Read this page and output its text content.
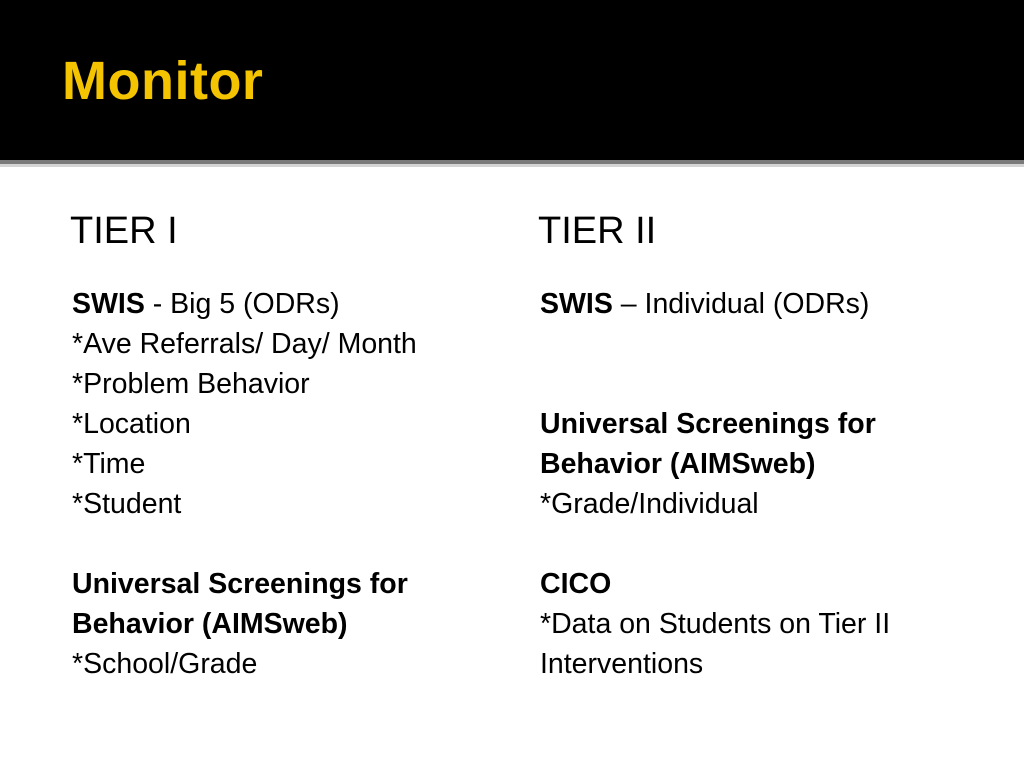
Monitor
TIER I	TIER II
SWIS - Big 5 (ODRs)
*Ave Referrals/ Day/ Month
*Problem Behavior
*Location
*Time
*Student
Universal Screenings for
Behavior (AIMSweb)
*School/Grade
SWIS – Individual (ODRs)
Universal Screenings for
Behavior (AIMSweb)
*Grade/Individual
CICO
*Data on Students on Tier II
Interventions
